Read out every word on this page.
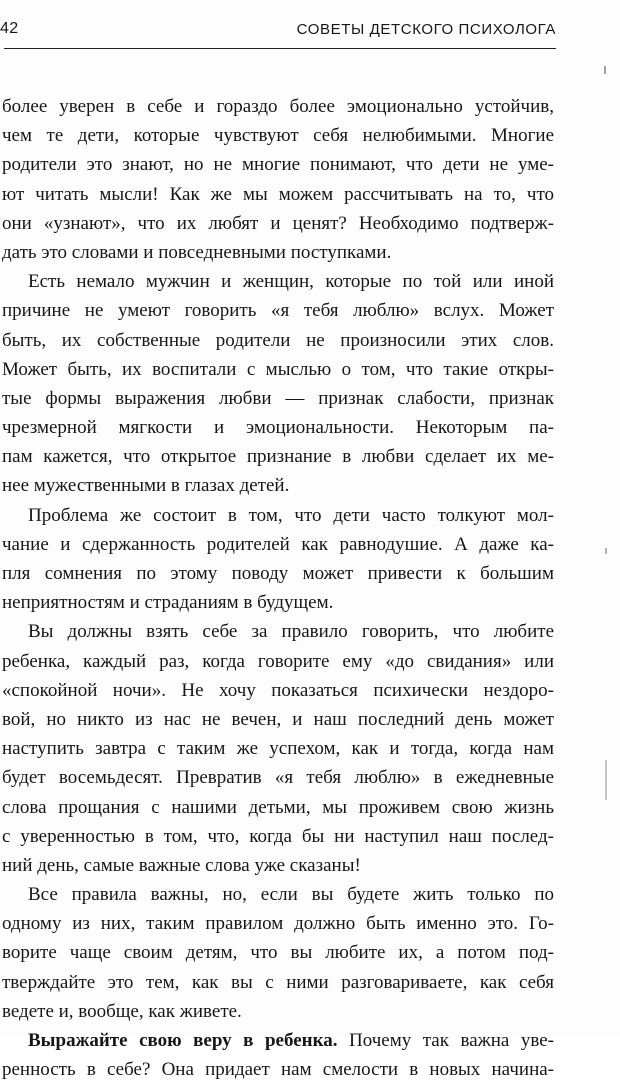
42	СОВЕТЫ ДЕТСКОГО ПСИХОЛОГА
более уверен в себе и гораздо более эмоционально устойчив,
чем те дети, которые чувствуют себя нелюбимыми. Многие
родители это знают, но не многие понимают, что дети не уме-
ют читать мысли! Как же мы можем рассчитывать на то, что
они «узнают», что их любят и ценят? Необходимо подтверж-
дать это словами и повседневными поступками.
Есть немало мужчин и женщин, которые по той или иной
причине не умеют говорить «я тебя люблю» вслух. Может
быть, их собственные родители не произносили этих слов.
Может быть, их воспитали с мыслью о том, что такие откры-
тые формы выражения любви — признак слабости, признак
чрезмерной мягкости и эмоциональности. Некоторым па-
пам кажется, что открытое признание в любви сделает их ме-
нее мужественными в глазах детей.
Проблема же состоит в том, что дети часто толкуют мол-
чание и сдержанность родителей как равнодушие. А даже ка-
пля сомнения по этому поводу может привести к большим
неприятностям и страданиям в будущем.
Вы должны взять себе за правило говорить, что любите
ребенка, каждый раз, когда говорите ему «до свидания» или
«спокойной ночи». Не хочу показаться психически нездоро-
вой, но никто из нас не вечен, и наш последний день может
наступить завтра с таким же успехом, как и тогда, когда нам
будет восемьдесят. Превратив «я тебя люблю» в ежедневные
слова прощания с нашими детьми, мы проживем свою жизнь
с уверенностью в том, что, когда бы ни наступил наш послед-
ний день, самые важные слова уже сказаны!
Все правила важны, но, если вы будете жить только по
одному из них, таким правилом должно быть именно это. Го-
ворите чаще своим детям, что вы любите их, а потом под-
тверждайте это тем, как вы с ними разговариваете, как себя
ведете и, вообще, как живете.
Выражайте свою веру в ребенка. Почему так важна уве-
ренность в себе? Она придает нам смелости в новых начина-
